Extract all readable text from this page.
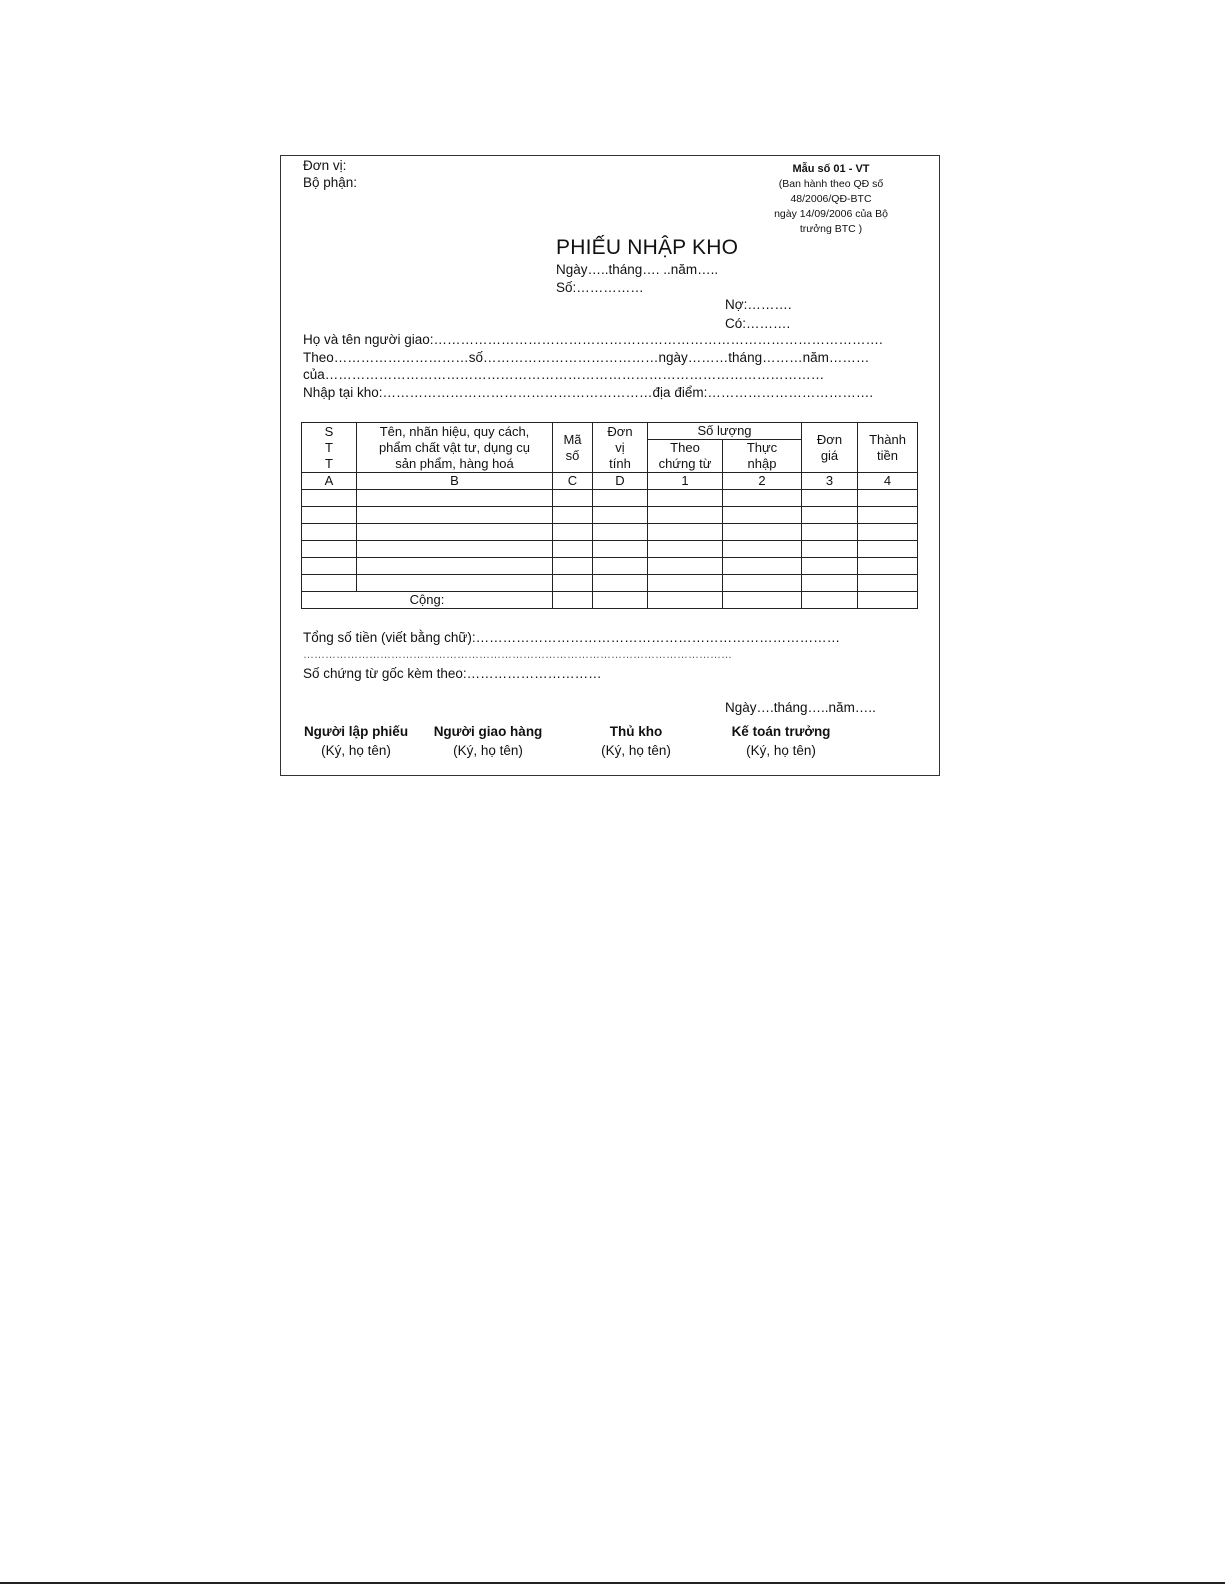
Đơn vị:
Bộ phận:
Mẫu số 01 - VT
(Ban hành theo QĐ số
48/2006/QĐ-BTC
ngày 14/09/2006 của Bộ
trưởng BTC )
PHIẾU NHẬP KHO
Ngày…..tháng…. ..năm…..
Số:……………
Nợ:……….
Có:……….
Họ và tên người giao:……………………………………………………………………………………….
Theo…………………………số…………………………………ngày………tháng………năm………
của…………………………………………………………………………………………………
Nhập tại kho:……………………………………………………địa điểm:……………………………….
S
T
T	Tên, nhãn hiệu, quy cách, phẩm chất vật tư, dụng cụ sản phẩm, hàng hoá	Mã số	Đơn vị tính	Số lượng		Đơn giá	Thành tiền
				Theo chứng từ	Thực nhập		
A	B	C	D	1	2	3	4

Cộng:							
Tổng số tiền (viết bằng chữ):………………………………………………………………………
………………………………………………………………………………………………………
Số chứng từ gốc kèm theo:…………………………
Ngày….tháng…..năm…..
Người lập phiếu
(Ký, họ tên)
Người giao hàng
(Ký, họ tên)
Thủ kho
(Ký, họ tên)
Kế toán trưởng
(Ký, họ tên)
